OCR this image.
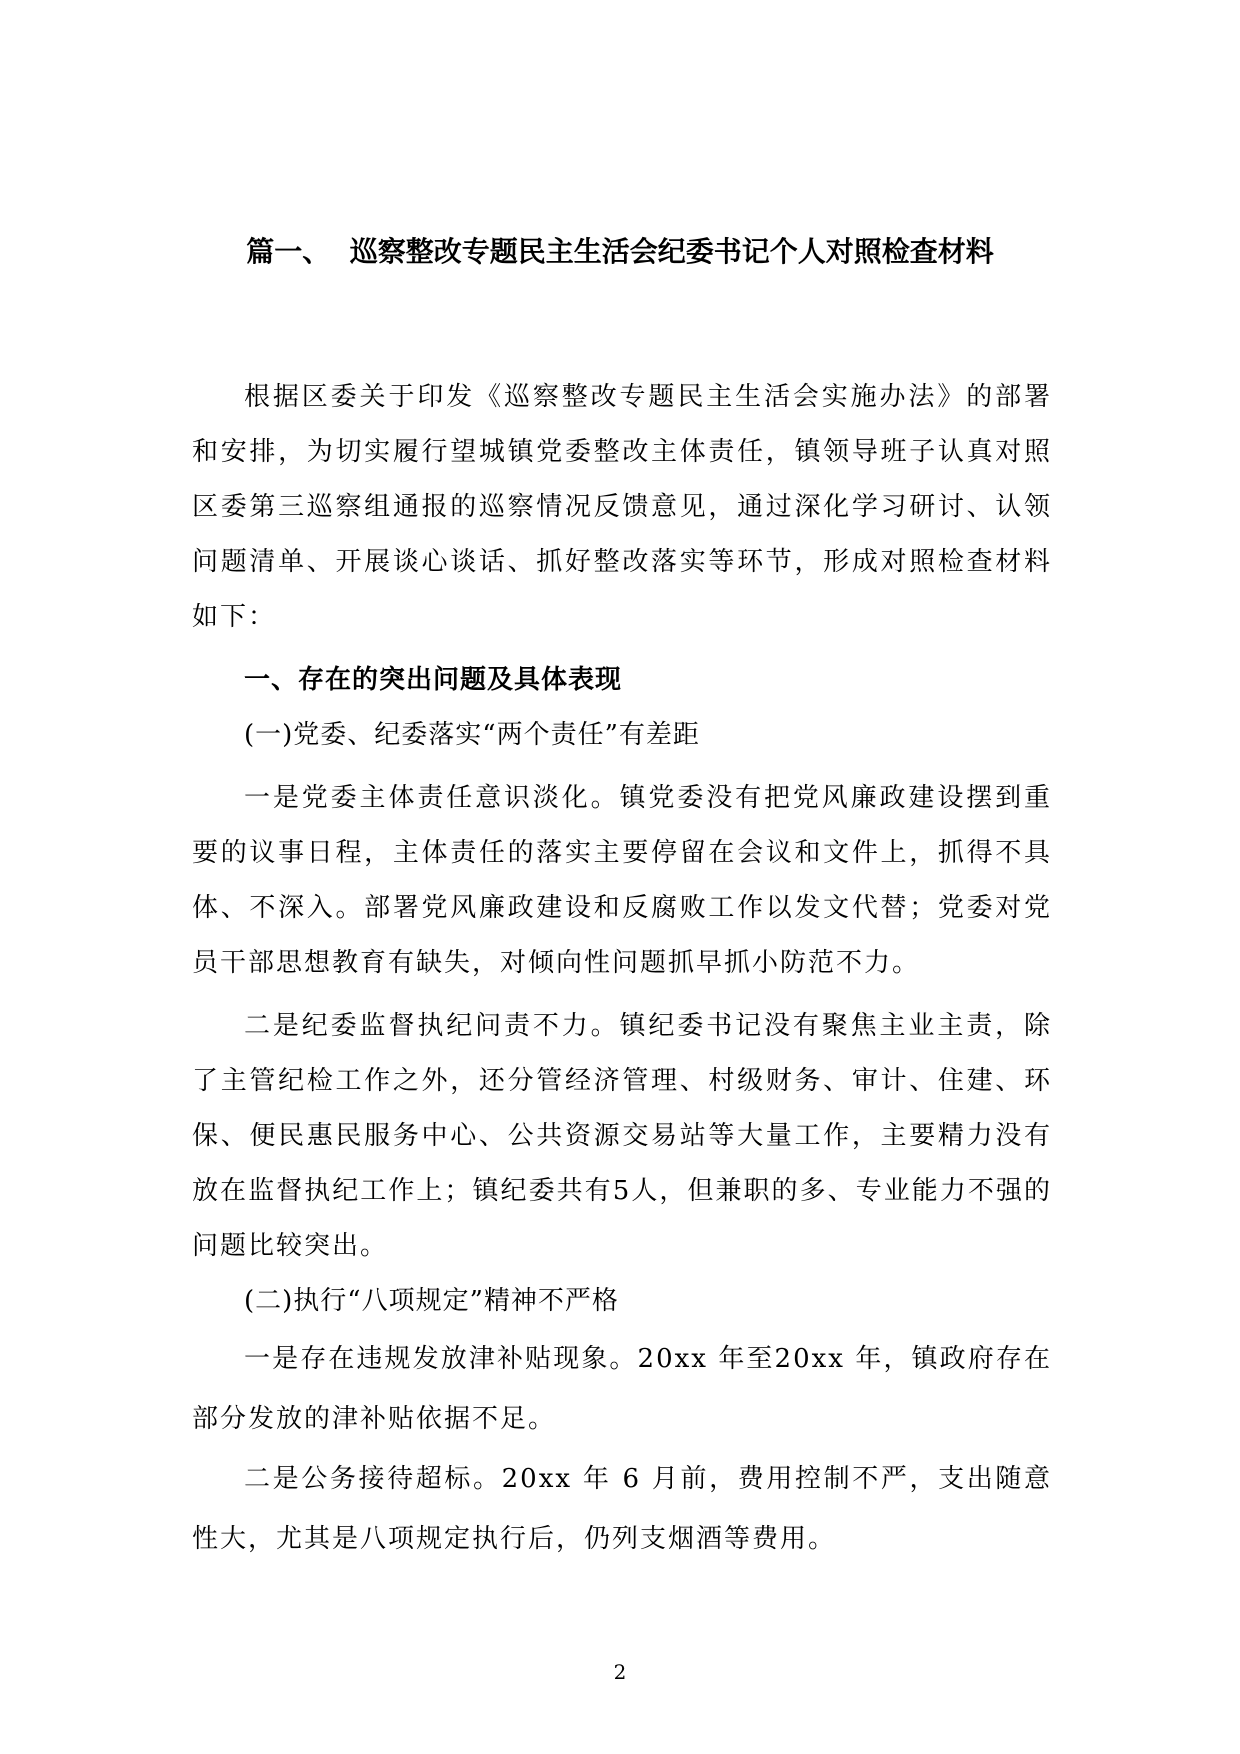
篇一、  巡察整改专题民主生活会纪委书记个人对照检查材料

根据区委关于印发《巡察整改专题民主生活会实施办法》的部署和安排，为切实履行望城镇党委整改主体责任，镇领导班子认真对照区委第三巡察组通报的巡察情况反馈意见，通过深化学习研讨、认领问题清单、开展谈心谈话、抓好整改落实等环节，形成对照检查材料如下：

一、存在的突出问题及具体表现

(一)党委、纪委落实“两个责任”有差距

一是党委主体责任意识淡化。镇党委没有把党风廉政建设摆到重要的议事日程，主体责任的落实主要停留在会议和文件上，抓得不具体、不深入。部署党风廉政建设和反腐败工作以发文代替；党委对党员干部思想教育有缺失，对倾向性问题抓早抓小防范不力。

二是纪委监督执纪问责不力。镇纪委书记没有聚焦主业主责，除了主管纪检工作之外，还分管经济管理、村级财务、审计、住建、环保、便民惠民服务中心、公共资源交易站等大量工作，主要精力没有放在监督执纪工作上；镇纪委共有5人，但兼职的多、专业能力不强的问题比较突出。

(二)执行“八项规定”精神不严格

一是存在违规发放津补贴现象。20xx 年至20xx 年，镇政府存在部分发放的津补贴依据不足。

二是公务接待超标。20xx 年 6 月前，费用控制不严，支出随意性大，尤其是八项规定执行后，仍列支烟酒等费用。

2
